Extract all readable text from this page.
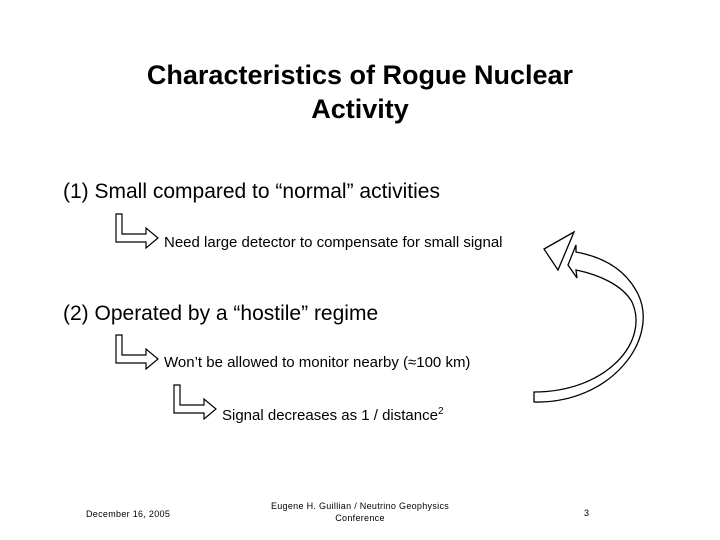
Characteristics of Rogue Nuclear
Activity
(1) Small compared to “normal” activities
Need large detector to compensate for small signal
(2) Operated by a “hostile” regime
Won’t be allowed to monitor nearby (≈100 km)
Signal decreases as 1 / distance$^2$
December 16, 2005
Eugene H. Guillian / Neutrino Geophysics Conference	3
